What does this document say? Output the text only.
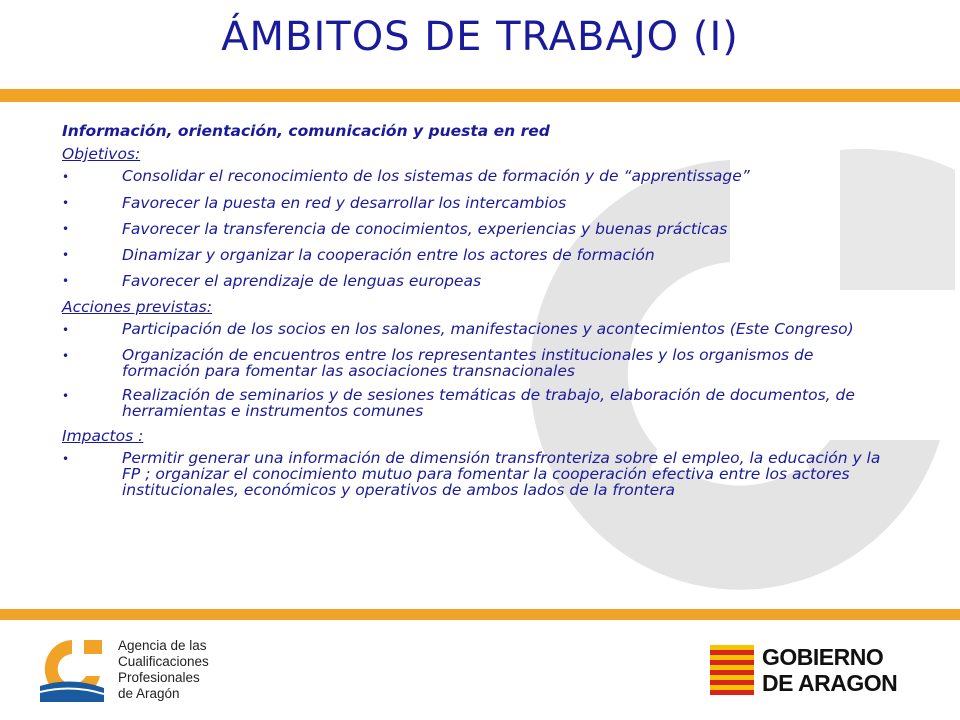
ÁMBITOS DE TRABAJO (I)
Información, orientación, comunicación y puesta en red
Objetivos:
•	Consolidar el reconocimiento de los sistemas de formación y de “apprentissage”
•	Favorecer la puesta en red y desarrollar los intercambios
•	Favorecer la transferencia de conocimientos, experiencias y buenas prácticas
•	Dinamizar y organizar la cooperación entre los actores de formación
•	Favorecer el aprendizaje de lenguas europeas
Acciones previstas:
•	Participación de los socios en los salones, manifestaciones y acontecimientos (Este Congreso)
•	Organización de encuentros entre los representantes institucionales y los organismos de formación para fomentar las asociaciones transnacionales
•	Realización de seminarios y de sesiones temáticas de trabajo, elaboración de documentos, de herramientas e instrumentos comunes
Impactos :
•	Permitir generar una información de dimensión transfronteriza sobre el empleo, la educación y la FP ; organizar el conocimiento mutuo para fomentar la cooperación efectiva entre los actores institucionales, económicos y operativos de ambos lados de la frontera
A
Agencia de las
Cualificaciones
Profesionales
de Aragón
GOBIERNO
DE ARAGON
